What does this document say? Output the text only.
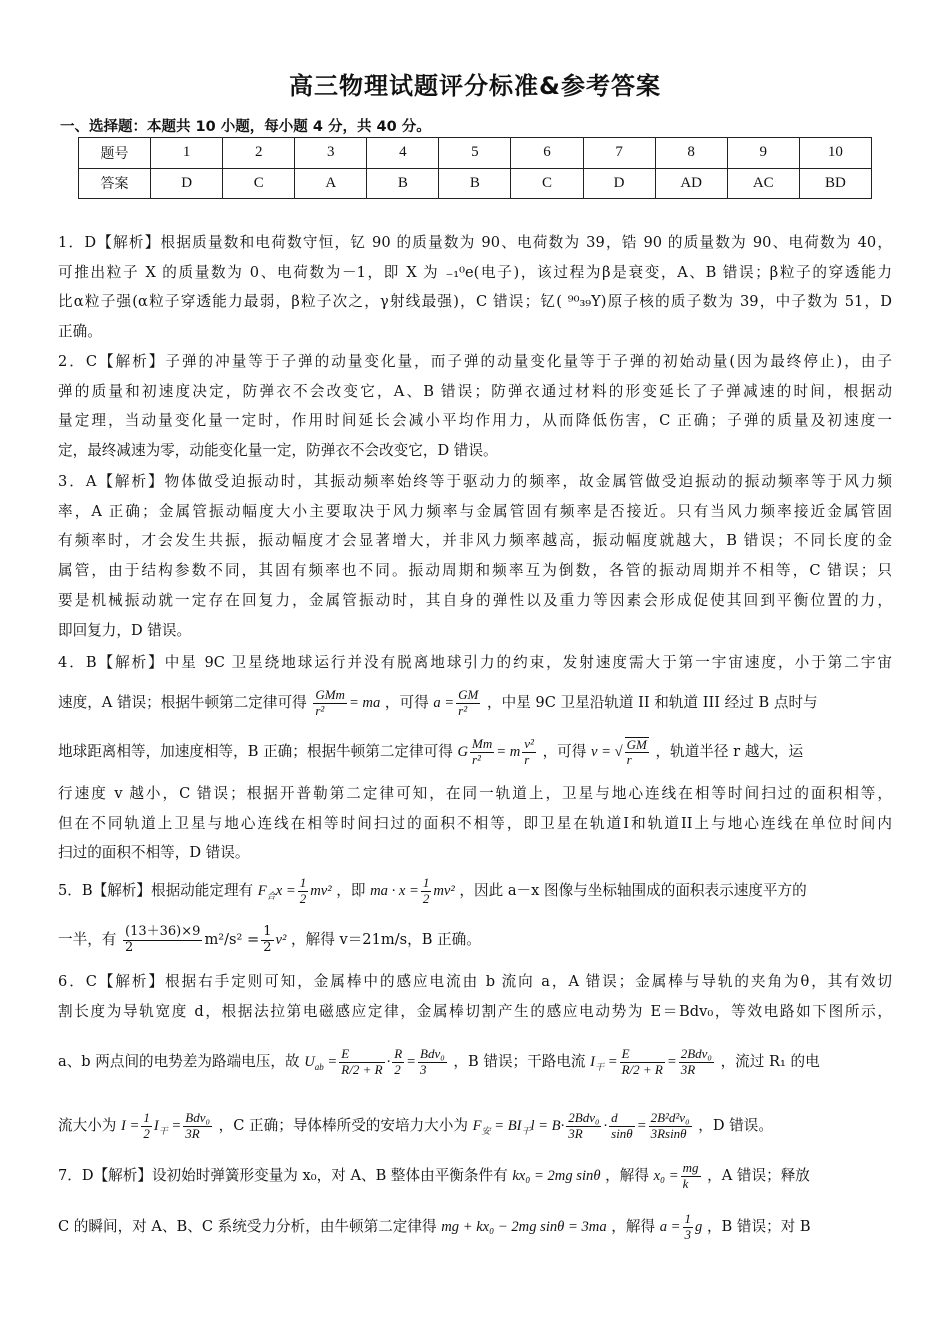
高三物理试题评分标准&参考答案
一、选择题：本题共 10 小题，每小题 4 分，共 40 分。
题号	1	2	3	4	5	6	7	8	9	10
答案	D	C	A	B	B	C	D	AD	AC	BD
1．D【解析】根据质量数和电荷数守恒，钇 90 的质量数为 90、电荷数为 39，锆 90 的质量数为 90、电荷数为 40，
可推出粒子 X 的质量数为 0、电荷数为－1，即 X 为 ₋₁⁰e(电子)，该过程为β是衰变，A、B 错误；β粒子的穿透能力
比α粒子强(α粒子穿透能力最弱，β粒子次之，γ射线最强)，C 错误；钇( ⁹⁰₃₉Y)原子核的质子数为 39，中子数为 51，D
正确。
2．C【解析】子弹的冲量等于子弹的动量变化量，而子弹的动量变化量等于子弹的初始动量(因为最终停止)，由子
弹的质量和初速度决定，防弹衣不会改变它，A、B 错误；防弹衣通过材料的形变延长了子弹减速的时间，根据动
量定理，当动量变化量一定时，作用时间延长会减小平均作用力，从而降低伤害，C 正确；子弹的质量及初速度一
定，最终减速为零，动能变化量一定，防弹衣不会改变它，D 错误。
3．A【解析】物体做受迫振动时，其振动频率始终等于驱动力的频率，故金属管做受迫振动的振动频率等于风力频
率，A 正确；金属管振动幅度大小主要取决于风力频率与金属管固有频率是否接近。只有当风力频率接近金属管固
有频率时，才会发生共振，振动幅度才会显著增大，并非风力频率越高，振动幅度就越大，B 错误；不同长度的金
属管，由于结构参数不同，其固有频率也不同。振动周期和频率互为倒数，各管的振动周期并不相等，C 错误；只
要是机械振动就一定存在回复力，金属管振动时，其自身的弹性以及重力等因素会形成促使其回到平衡位置的力，
即回复力，D 错误。
4．B【解析】中星 9C 卫星绕地球运行并没有脱离地球引力的约束，发射速度需大于第一宇宙速度，小于第二宇宙
速度，A 错误；根据牛顿第二定律可得 $\frac{\text{GMm}}{\text{r²}}$ = ma ，可得 $a = \frac{GM}{\text{r²}}$ ，中星 9C 卫星沿轨道 II 和轨道 III 经过 B 点时与
地球距离相等，加速度相等，B 正确；根据牛顿第二定律可得 G $\frac{Mm}{\text{r²}} = m \frac{\text{v²}}{r}$ ，可得 v = √ $\frac{GM}{r}$ ，轨道半径 r 越大，运
行速度 v 越小，C 错误；根据开普勒第二定律可知，在同一轨道上，卫星与地心连线在相等时间扫过的面积相等，
但在不同轨道上卫星与地心连线在相等时间扫过的面积不相等，即卫星在轨道I和轨道II上与地心连线在单位时间内
扫过的面积不相等，D 错误。
5．B【解析】根据动能定理有 $F_合x = \frac{1}{2} mv^2$ ，即 ma · $x = \frac{1}{2} mv^2$ ，因此 a－x 图像与坐标轴围成的面积表示速度平方的
一半，有 $\frac{(13+36)\times 9}{2} m^2/s^2 = \frac{1}{2} v^2$ ，解得 v＝21m/s，B 正确。
6．C【解析】根据右手定则可知，金属棒中的感应电流由 b 流向 a，A 错误；金属棒与导轨的夹角为θ，其有效切
割长度为导轨宽度 d，根据法拉第电磁感应定律，金属棒切割产生的感应电动势为 E＝Bdv₀，等效电路如下图所示，
a、b 两点间的电势差为路端电压，故 $U_{ab} = \frac{E}{R/2 + R} \cdot \frac{R}{2} = \frac{\text{Bdv₀}}{3}$ ，B 错误；干路电流 $I_干 = \frac{E}{R/2 + R} = \frac{\text{2Bdv₀}}{3R}$ ，流过 R₁ 的电
流大小为 $I = \frac{1}{2} I_干 = \frac{\text{Bdv₀}}{3R}$ ，C 正确；导体棒所受的安培力大小为 $F_安 = BI_干l = B\cdot \frac{\text{2Bdv₀}}{3R} \cdot \frac{d}{\sin\theta} = \frac{\text{2B²d²v₀}}{3Rsin\theta}$ ，D 错误。
7．D【解析】设初始时弹簧形变量为 x₀，对 A、B 整体由平衡条件有 kx₀ = 2mg sinθ ，解得 $x_0 = \frac{mg}{k}$ ，A 错误；释放
C 的瞬间，对 A、B、C 系统受力分析，由牛顿第二定律得 mg + kx₀ − 2mg sinθ = 3ma ，解得 $a = \frac{1}{3}$ g ，B 错误；对 B
